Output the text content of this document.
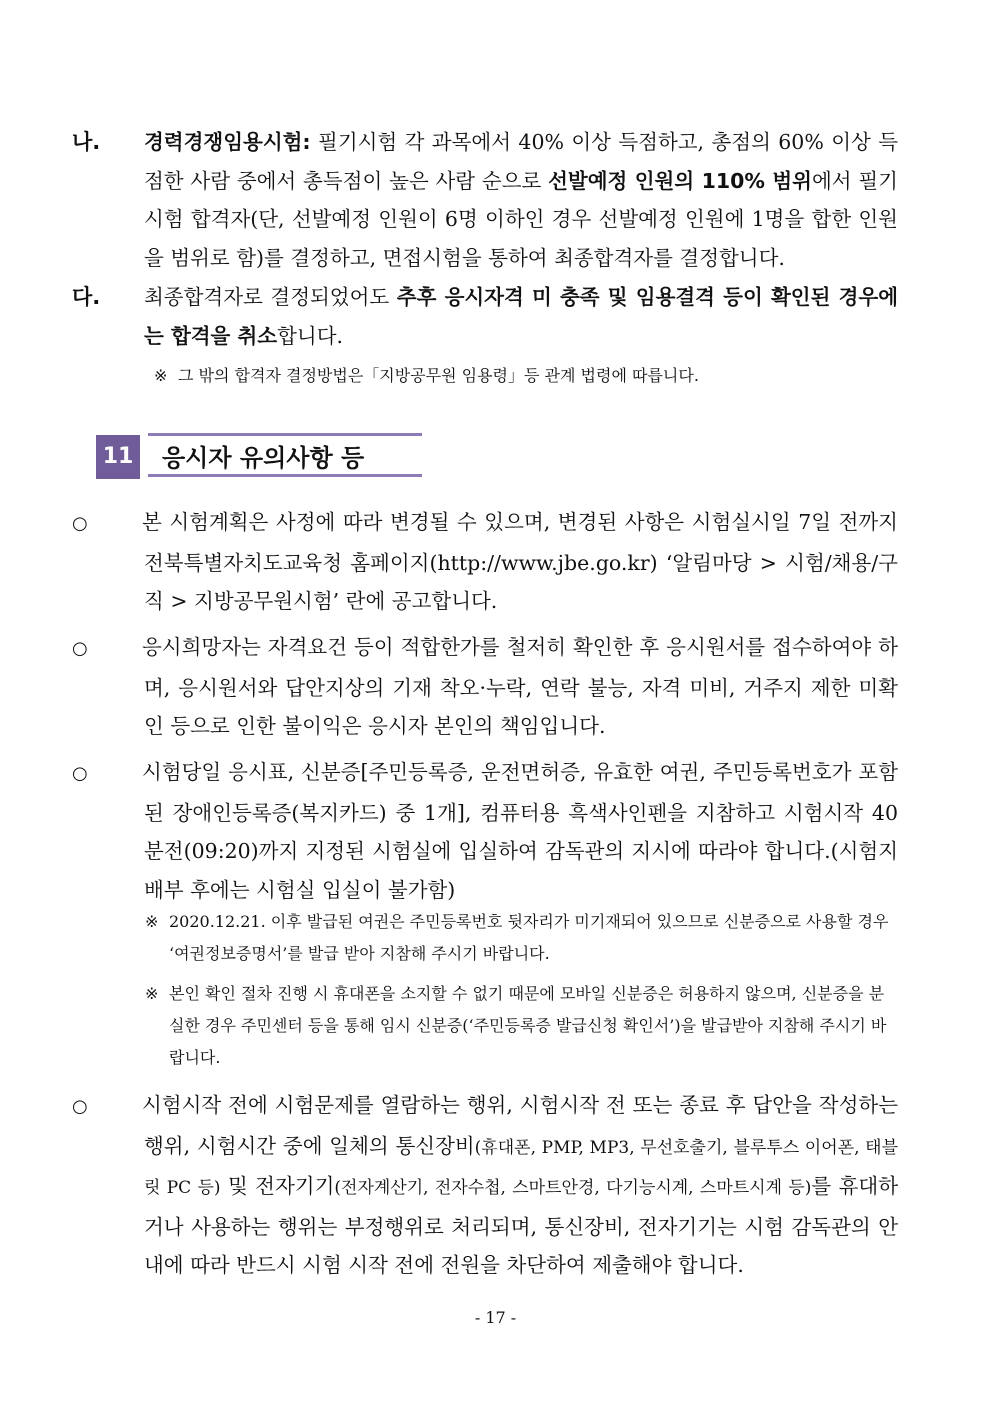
나. 경력경쟁임용시험: 필기시험 각 과목에서 40% 이상 득점하고, 총점의 60% 이상 득점한 사람 중에서 총득점이 높은 사람 순으로 선발예정 인원의 110% 범위에서 필기시험 합격자(단, 선발예정 인원이 6명 이하인 경우 선발예정 인원에 1명을 합한 인원을 범위로 함)를 결정하고, 면접시험을 통하여 최종합격자를 결정합니다.

다. 최종합격자로 결정되었어도 추후 응시자격 미 충족 및 임용결격 등이 확인된 경우에는 합격을 취소합니다.

※ 그 밖의 합격자 결정방법은「지방공무원 임용령」등 관계 법령에 따릅니다.
11	응시자 유의사항 등

○	본 시험계획은 사정에 따라 변경될 수 있으며, 변경된 사항은 시험실시일 7일 전까지 전북특별자치도교육청 홈페이지(http://www.jbe.go.kr) ‘알림마당 > 시험/채용/구직 > 지방공무원시험’ 란에 공고합니다.

○	응시희망자는 자격요건 등이 적합한가를 철저히 확인한 후 응시원서를 접수하여야 하며, 응시원서와 답안지상의 기재 착오·누락, 연락 불능, 자격 미비, 거주지 제한 미확인 등으로 인한 불이익은 응시자 본인의 책임입니다.

○	시험당일 응시표, 신분증[주민등록증, 운전면허증, 유효한 여권, 주민등록번호가 포함된 장애인등록증(복지카드) 중 1개], 컴퓨터용 흑색사인펜을 지참하고 시험시작 40분전(09:20)까지 지정된 시험실에 입실하여 감독관의 지시에 따라야 합니다.(시험지 배부 후에는 시험실 입실이 불가함)

※ 2020.12.21. 이후 발급된 여권은 주민등록번호 뒷자리가 미기재되어 있으므로 신분증으로 사용할 경우 ‘여권정보증명서’를 발급 받아 지참해 주시기 바랍니다.
※ 본인 확인 절차 진행 시 휴대폰을 소지할 수 없기 때문에 모바일 신분증은 허용하지 않으며, 신분증을 분실한 경우 주민센터 등을 통해 임시 신분증(‘주민등록증 발급신청 확인서’)을 발급받아 지참해 주시기 바랍니다.

○	시험시작 전에 시험문제를 열람하는 행위, 시험시작 전 또는 종료 후 답안을 작성하는 행위, 시험시간 중에 일체의 통신장비(휴대폰, PMP, MP3, 무선호출기, 블루투스 이어폰, 태블릿 PC 등) 및 전자기기(전자계산기, 전자수첩, 스마트안경, 다기능시계, 스마트시계 등)를 휴대하거나 사용하는 행위는 부정행위로 처리되며, 통신장비, 전자기기는 시험 감독관의 안내에 따라 반드시 시험 시작 전에 전원을 차단하여 제출해야 합니다.

- 17 -
